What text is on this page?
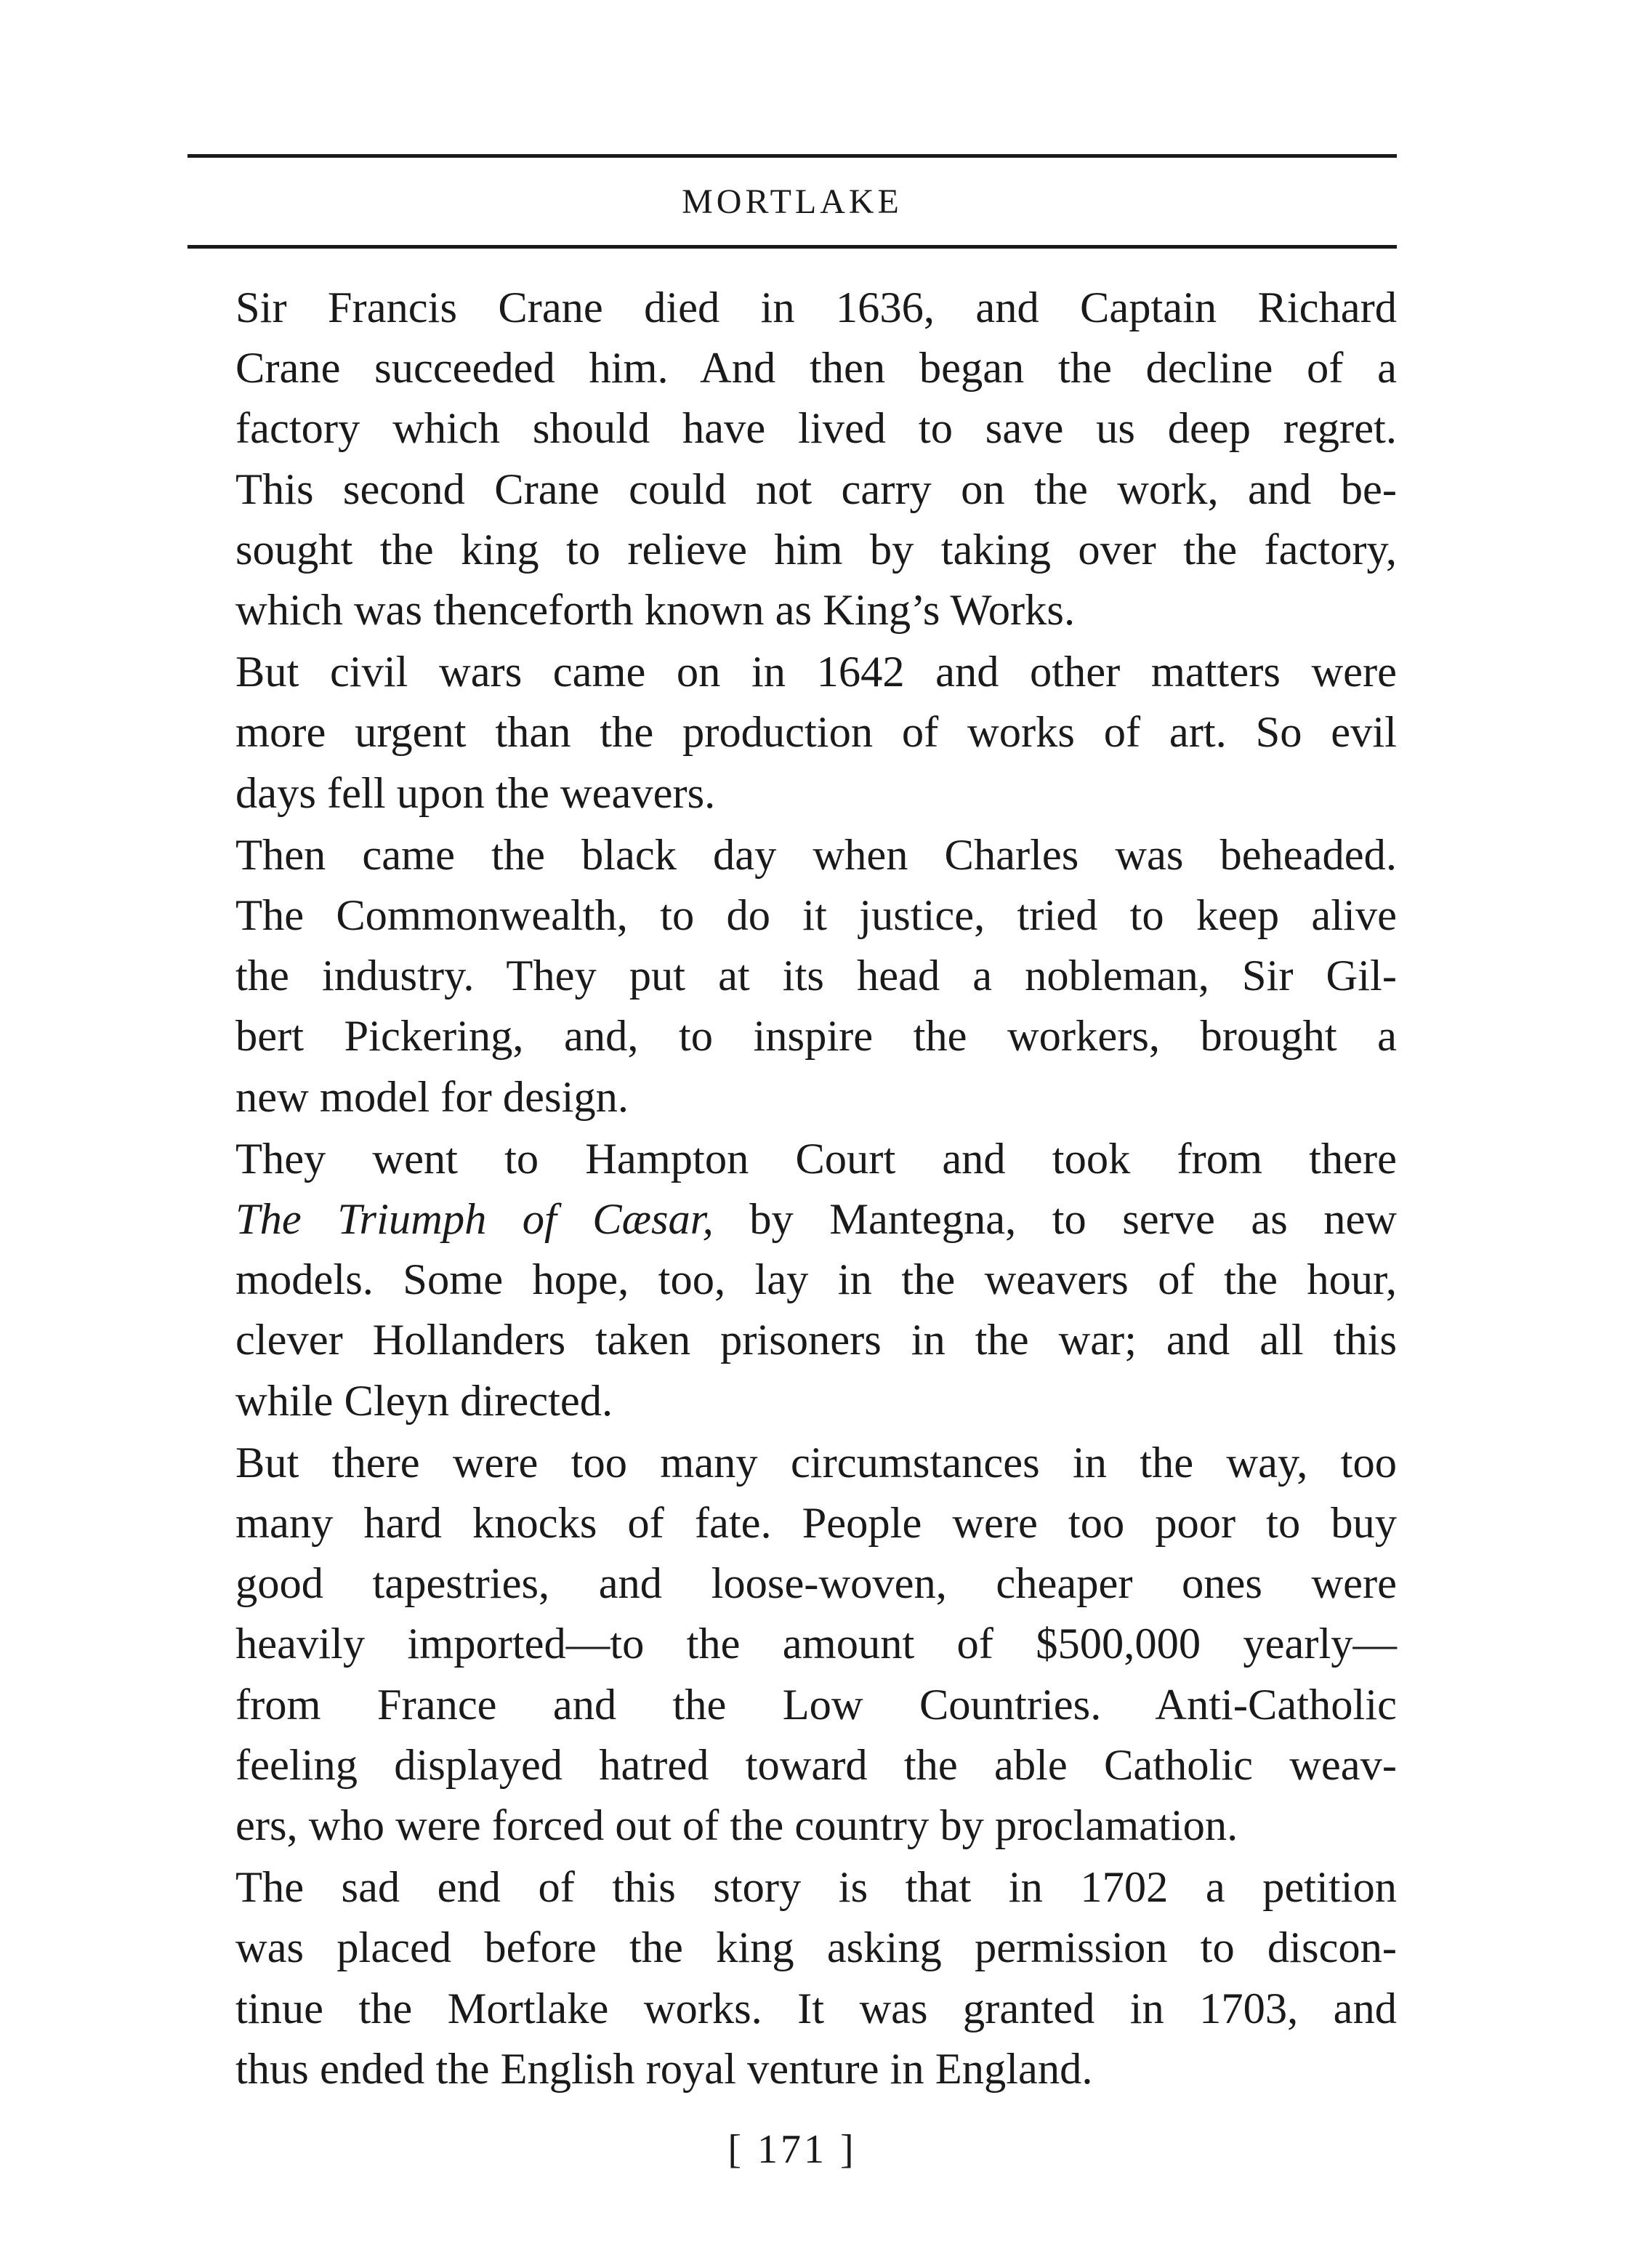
MORTLAKE

Sir Francis Crane died in 1636, and Captain Richard
Crane succeeded him. And then began the decline of a
factory which should have lived to save us deep regret.
This second Crane could not carry on the work, and be-
sought the king to relieve him by taking over the factory,
which was thenceforth known as King’s Works.

But civil wars came on in 1642 and other matters were
more urgent than the production of works of art. So evil
days fell upon the weavers.

Then came the black day when Charles was beheaded.
The Commonwealth, to do it justice, tried to keep alive
the industry. They put at its head a nobleman, Sir Gil-
bert Pickering, and, to inspire the workers, brought a
new model for design.

They went to Hampton Court and took from there
The Triumph of Cæsar, by Mantegna, to serve as new
models. Some hope, too, lay in the weavers of the hour,
clever Hollanders taken prisoners in the war; and all this
while Cleyn directed.

But there were too many circumstances in the way, too
many hard knocks of fate. People were too poor to buy
good tapestries, and loose-woven, cheaper ones were
heavily imported—to the amount of $500,000 yearly—
from France and the Low Countries. Anti-Catholic
feeling displayed hatred toward the able Catholic weav-
ers, who were forced out of the country by proclamation.

The sad end of this story is that in 1702 a petition
was placed before the king asking permission to discon-
tinue the Mortlake works. It was granted in 1703, and
thus ended the English royal venture in England.

[ 171 ]
